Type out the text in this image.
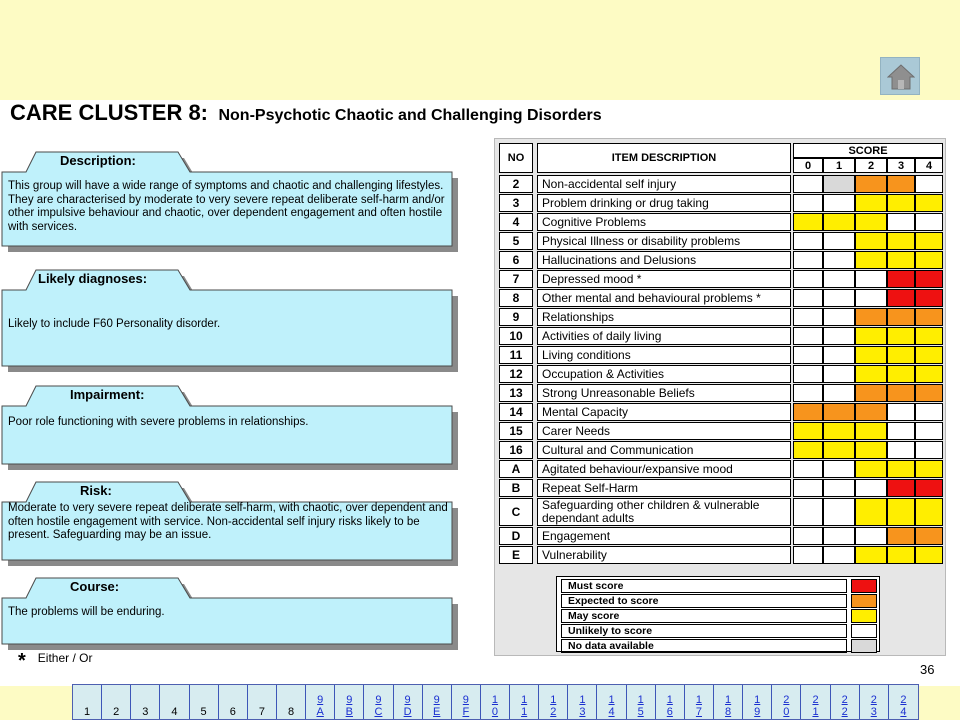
CARE CLUSTER 8: Non-Psychotic Chaotic and Challenging Disorders
Description:
This group will have a wide range of symptoms and chaotic and challenging lifestyles. They are characterised by moderate to very severe repeat deliberate self-harm and/or other impulsive behaviour and chaotic, over dependent engagement and often hostile with services.
Likely diagnoses:
Likely to include F60 Personality disorder.
Impairment:
Poor role functioning with severe problems in relationships.
Risk:
Moderate to very severe repeat deliberate self-harm, with chaotic, over dependent and often hostile engagement with service. Non-accidental self injury risks likely to be present. Safeguarding may be an issue.
Course:
The problems will be enduring.
* Either / Or
NO	ITEM DESCRIPTION
SCORE
0	1	2	3	4
2	Non-accidental self injury
3	Problem drinking or drug taking
4	Cognitive Problems
5	Physical Illness or disability problems
6	Hallucinations and Delusions
7	Depressed mood *
8	Other mental and behavioural problems *
9	Relationships
10	Activities of daily living
11	Living conditions
12	Occupation & Activities
13	Strong Unreasonable Beliefs
14	Mental Capacity
15	Carer Needs
16	Cultural and Communication
A	Agitated behaviour/expansive mood
B	Repeat Self-Harm
C	Safeguarding other children & vulnerable dependant adults
D	Engagement
E	Vulnerability
Must score
Expected to score
May score
Unlikely to score
No data available
36
1	2	3	4	5	6	7	8
9
A
9
B
9
C
9
D
9
E
9
F
1
0
1
1
1
2
1
3
1
4
1
5
1
6
1
7
1
8
1
9
2
0
2
1
2
2
2
3
2
4
